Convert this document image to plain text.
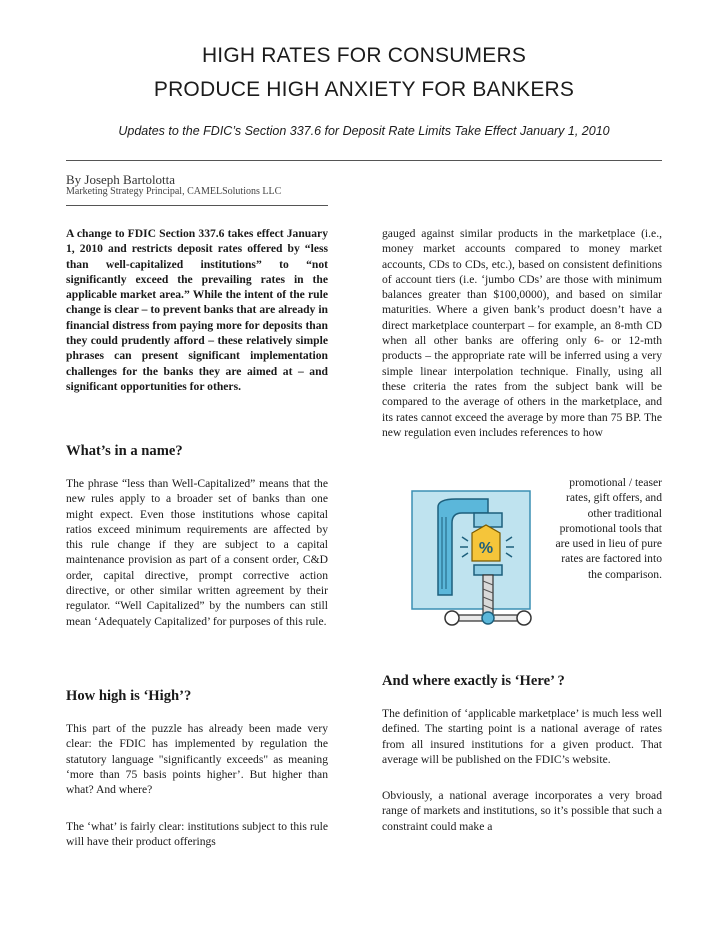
HIGH RATES FOR CONSUMERS
PRODUCE HIGH ANXIETY FOR BANKERS
Updates to the FDIC’s Section 337.6 for Deposit Rate Limits Take Effect January 1, 2010
By Joseph Bartolotta
Marketing Strategy Principal, CAMELSolutions LLC

A change to FDIC Section 337.6 takes effect January 1, 2010 and restricts deposit rates offered by “less than well-capitalized institutions” to “not significantly exceed the prevailing rates in the applicable market area.” While the intent of the rule change is clear – to prevent banks that are already in financial distress from paying more for deposits than they could prudently afford – these relatively simple phrases can present significant implementation challenges for the banks they are aimed at – and significant opportunities for others.

What’s in a name?

The phrase “less than Well-Capitalized” means that the new rules apply to a broader set of banks than one might expect. Even those institutions whose capital ratios exceed minimum requirements are affected by this rule change if they are subject to a capital maintenance provision as part of a consent order, C&D order, capital directive, prompt corrective action directive, or other similar written agreement by their regulator. “Well Capitalized” by the numbers can still mean ‘Adequately Capitalized’ for purposes of this rule.

How high is ‘High’?

This part of the puzzle has already been made very clear: the FDIC has implemented by regulation the statutory language "significantly exceeds" as meaning ‘more than 75 basis points higher’. But higher than what? And where?

The ‘what’ is fairly clear: institutions subject to this rule will have their product offerings

gauged against similar products in the marketplace (i.e., money market accounts compared to money market accounts, CDs to CDs, etc.), based on consistent definitions of account tiers (i.e. ‘jumbo CDs’ are those with minimum balances greater than $100,0000), and based on similar maturities. Where a given bank’s product doesn’t have a direct marketplace counterpart – for example, an 8-mth CD when all other banks are offering only 6- or 12-mth products – the appropriate rate will be inferred using a very simple linear interpolation technique. Finally, using all these criteria the rates from the subject bank will be compared to the average of others in the marketplace, and its rates cannot exceed the average by more than 75 BP. The new regulation even includes references to how

%

promotional / teaser rates, gift offers, and other traditional promotional tools that are used in lieu of pure rates are factored into the comparison.

And where exactly is ‘Here’ ?

The definition of ‘applicable marketplace’ is much less well defined. The starting point is a national average of rates from all insured institutions for a given product. That average will be published on the FDIC’s website.

Obviously, a national average incorporates a very broad range of markets and institutions, so it’s possible that such a constraint could make a
